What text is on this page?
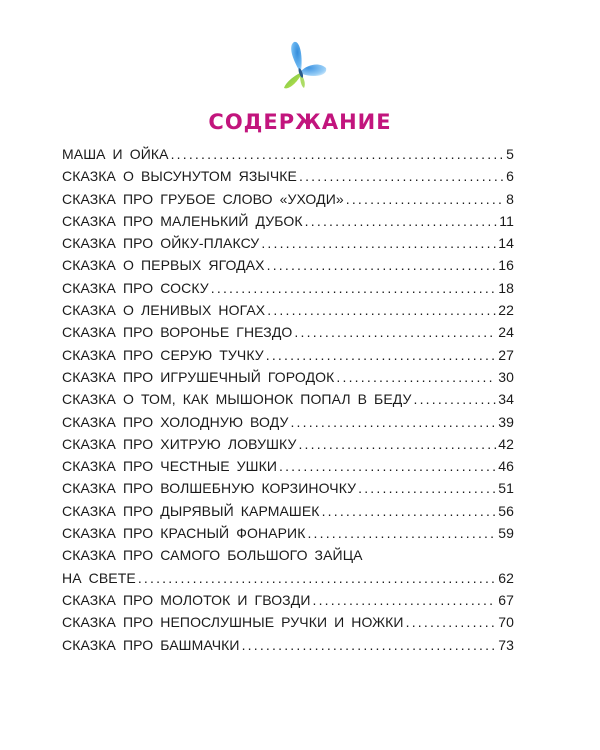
СОДЕРЖАНИЕ
МАША И ОЙКА .....	5
СКАЗКА О ВЫСУНУТОМ ЯЗЫЧКЕ .....	6
СКАЗКА ПРО ГРУБОЕ СЛОВО «УХОДИ» .....	8
СКАЗКА ПРО МАЛЕНЬКИЙ ДУБОК .....	11
СКАЗКА ПРО ОЙКУ-ПЛАКСУ .....	14
СКАЗКА О ПЕРВЫХ ЯГОДАХ .....	16
СКАЗКА ПРО СОСКУ .....	18
СКАЗКА О ЛЕНИВЫХ НОГАХ .....	22
СКАЗКА ПРО ВОРОНЬЕ ГНЕЗДО .....	24
СКАЗКА ПРО СЕРУЮ ТУЧКУ .....	27
СКАЗКА ПРО ИГРУШЕЧНЫЙ ГОРОДОК .....	30
СКАЗКА О ТОМ, КАК МЫШОНОК ПОПАЛ В БЕДУ .....	34
СКАЗКА ПРО ХОЛОДНУЮ ВОДУ .....	39
СКАЗКА ПРО ХИТРУЮ ЛОВУШКУ .....	42
СКАЗКА ПРО ЧЕСТНЫЕ УШКИ .....	46
СКАЗКА ПРО ВОЛШЕБНУЮ КОРЗИНОЧКУ .....	51
СКАЗКА ПРО ДЫРЯВЫЙ КАРМАШЕК .....	56
СКАЗКА ПРО КРАСНЫЙ ФОНАРИК .....	59
СКАЗКА ПРО САМОГО БОЛЬШОГО ЗАЙЦА
НА СВЕТЕ .....	62
СКАЗКА ПРО МОЛОТОК И ГВОЗДИ .....	67
СКАЗКА ПРО НЕПОСЛУШНЫЕ РУЧКИ И НОЖКИ .....	70
СКАЗКА ПРО БАШМАЧКИ .....	73
